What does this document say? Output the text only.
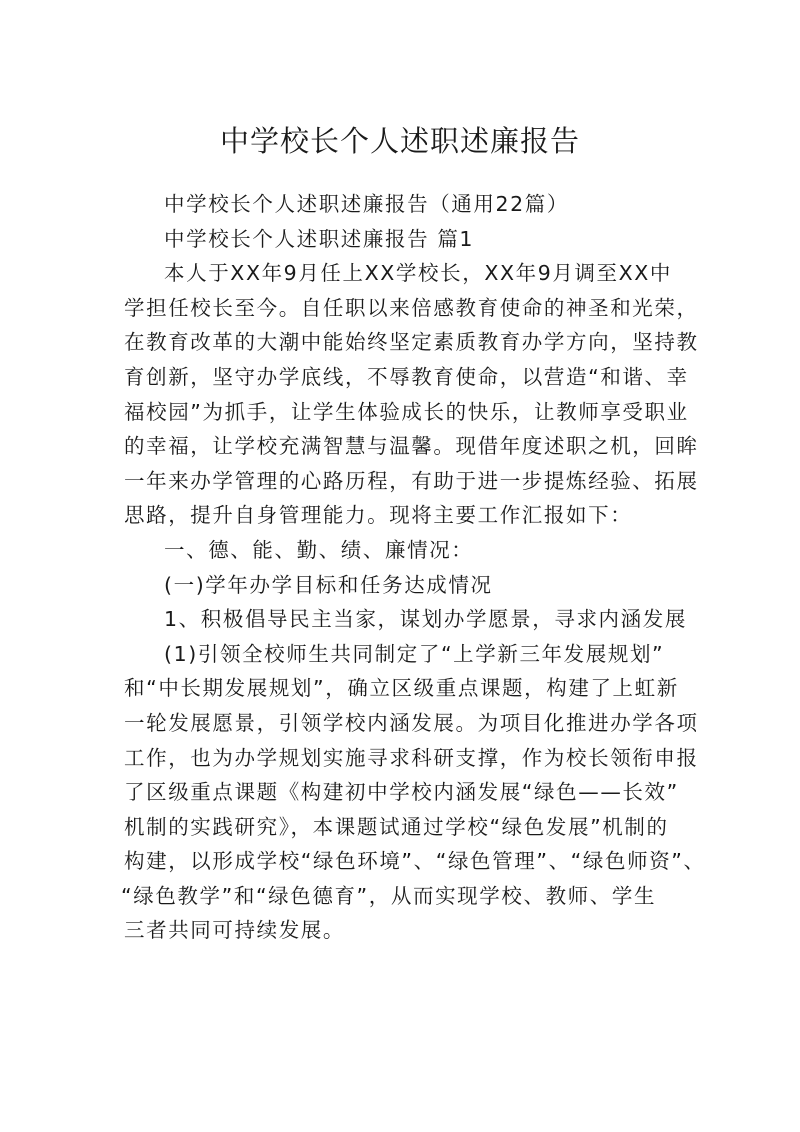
中学校长个人述职述廉报告
中学校长个人述职述廉报告（通用22篇）
中学校长个人述职述廉报告 篇1
本人于XX年9月任上XX学校长，XX年9月调至XX中
学担任校长至今。自任职以来倍感教育使命的神圣和光荣，
在教育改革的大潮中能始终坚定素质教育办学方向，坚持教
育创新，坚守办学底线，不辱教育使命，以营造“和谐、幸
福校园”为抓手，让学生体验成长的快乐，让教师享受职业
的幸福，让学校充满智慧与温馨。现借年度述职之机，回眸
一年来办学管理的心路历程，有助于进一步提炼经验、拓展
思路，提升自身管理能力。现将主要工作汇报如下：
一、德、能、勤、绩、廉情况：
(一)学年办学目标和任务达成情况
1、积极倡导民主当家，谋划办学愿景，寻求内涵发展
(1)引领全校师生共同制定了“上学新三年发展规划”
和“中长期发展规划”，确立区级重点课题，构建了上虹新
一轮发展愿景，引领学校内涵发展。为项目化推进办学各项
工作，也为办学规划实施寻求科研支撑，作为校长领衔申报
了区级重点课题《构建初中学校内涵发展“绿色——长效”
机制的实践研究》，本课题试通过学校“绿色发展”机制的
构建，以形成学校“绿色环境”、“绿色管理”、“绿色师资”、
“绿色教学”和“绿色德育”，从而实现学校、教师、学生
三者共同可持续发展。
